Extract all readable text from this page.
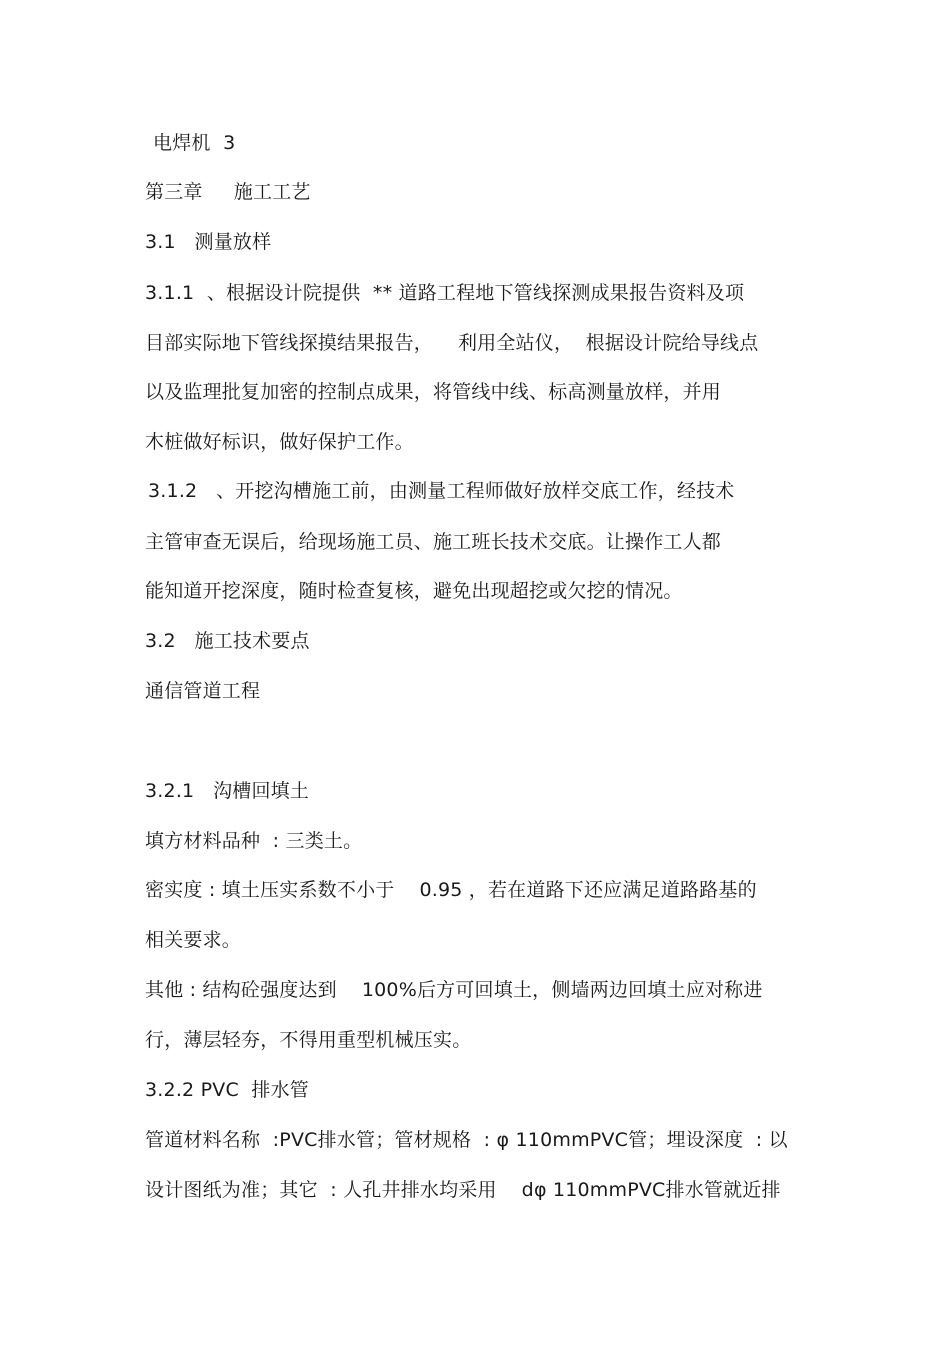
电焊机  3
第三章     施工工艺
3.1   测量放样
3.1.1  、根据设计院提供  ** 道路工程地下管线探测成果报告资料及项
目部实际地下管线探摸结果报告，    利用全站仪，  根据设计院给导线点
以及监理批复加密的控制点成果，将管线中线、标高测量放样，并用
木桩做好标识，做好保护工作。
3.1.2   、开挖沟槽施工前，由测量工程师做好放样交底工作，经技术
主管审查无误后，给现场施工员、施工班长技术交底。让操作工人都
能知道开挖深度，随时检查复核，避免出现超挖或欠挖的情况。
3.2   施工技术要点
通信管道工程
3.2.1   沟槽回填土
填方材料品种  : 三类土。
密实度 : 填土压实系数不小于    0.95 ，若在道路下还应满足道路路基的
相关要求。
其他 : 结构砼强度达到    100%后方可回填土，侧墙两边回填土应对称进
行，薄层轻夯，不得用重型机械压实。
3.2.2 PVC  排水管
管道材料名称  :PVC排水管；管材规格  : φ 110mmPVC管；埋设深度  : 以
设计图纸为准；其它  : 人孔井排水均采用    dφ 110mmPVC排水管就近排
